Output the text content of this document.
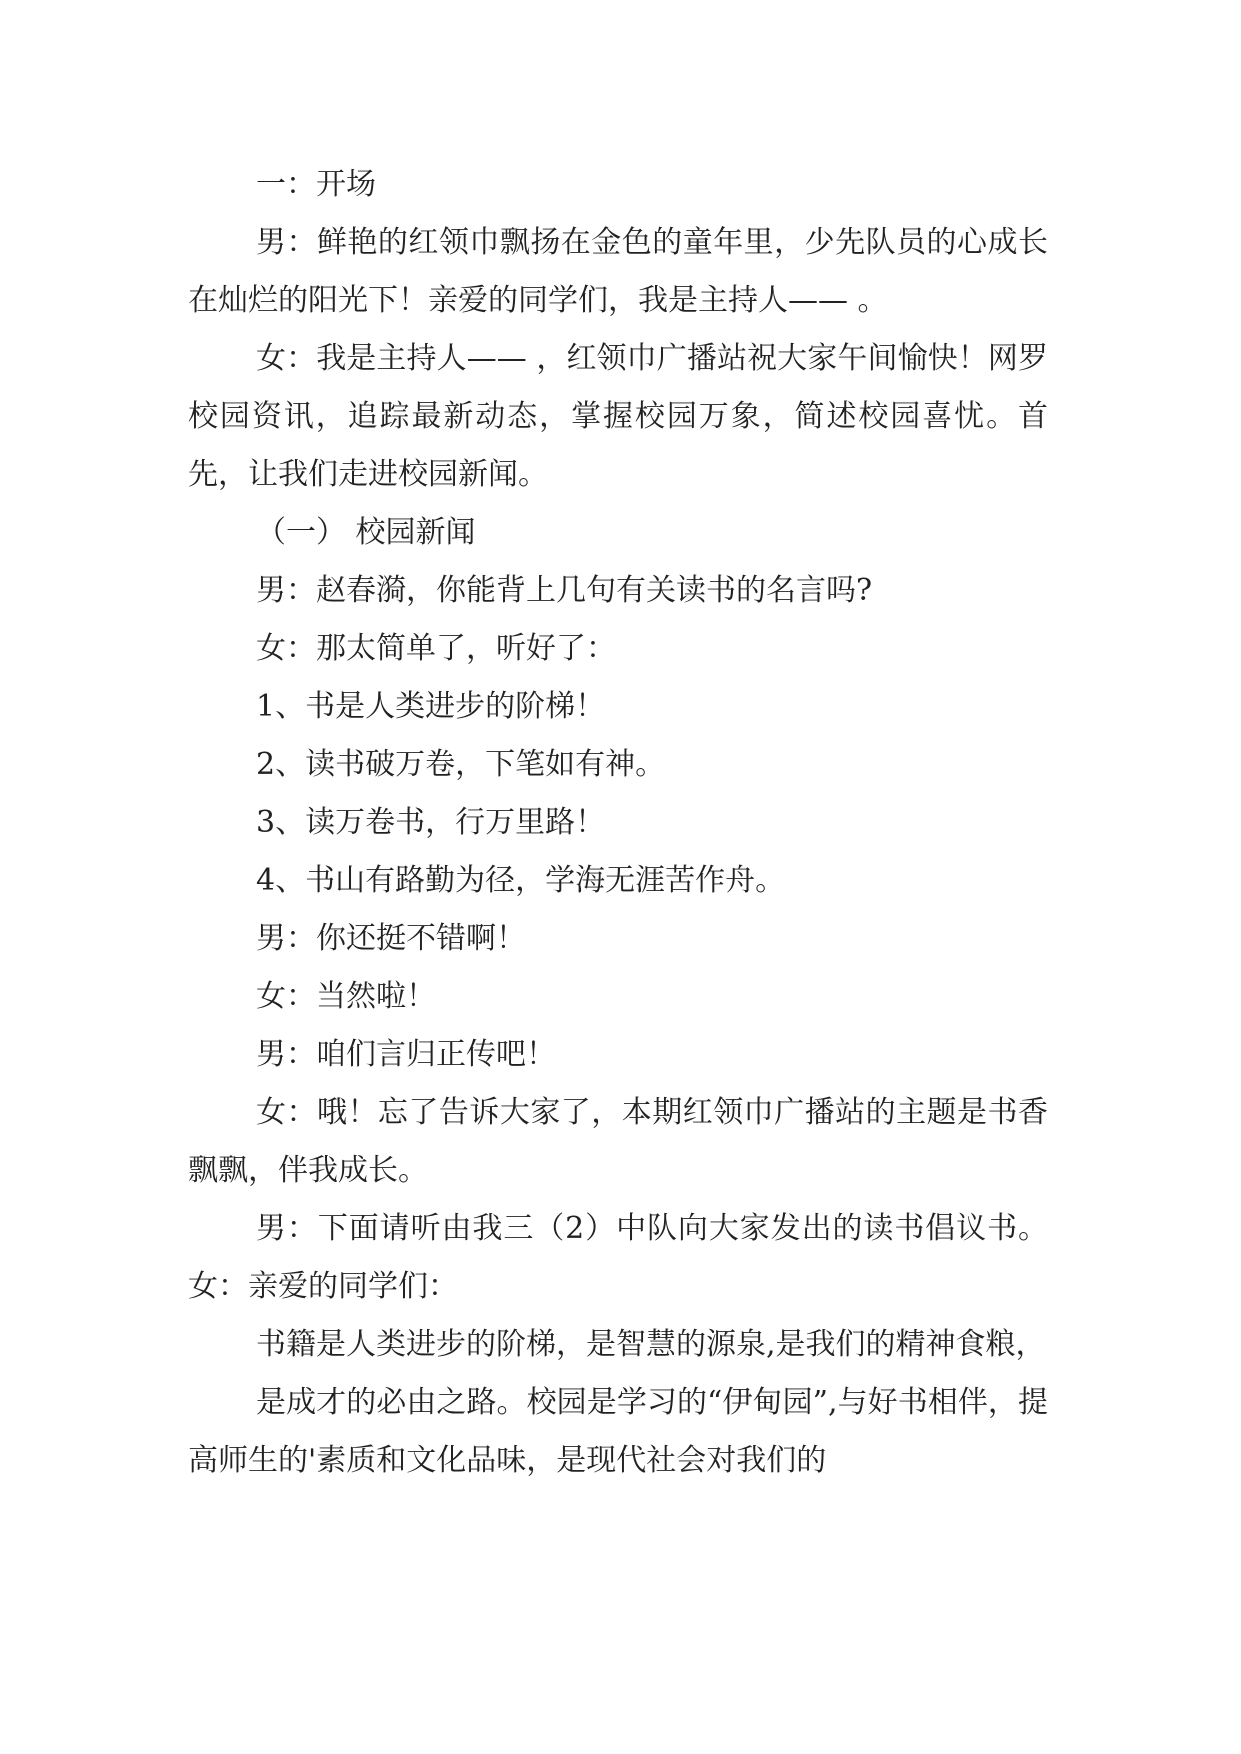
一：开场

男：鲜艳的红领巾飘扬在金色的童年里，少先队员的心成长在灿烂的阳光下！亲爱的同学们，我是主持人—— 。

女：我是主持人—— ，红领巾广播站祝大家午间愉快！网罗校园资讯，追踪最新动态，掌握校园万象，简述校园喜忧。首先，让我们走进校园新闻。

（一） 校园新闻

男：赵春漪，你能背上几句有关读书的名言吗?

女：那太简单了，听好了：

1、书是人类进步的阶梯！

2、读书破万卷，下笔如有神。

3、读万卷书，行万里路！

4、书山有路勤为径，学海无涯苦作舟。

男：你还挺不错啊！

女：当然啦！

男：咱们言归正传吧！

女：哦！忘了告诉大家了，本期红领巾广播站的主题是书香飘飘，伴我成长。

男：下面请听由我三（2）中队向大家发出的读书倡议书。 女：亲爱的同学们：

书籍是人类进步的阶梯，是智慧的源泉,是我们的精神食粮，

是成才的必由之路。校园是学习的“伊甸园”,与好书相伴，提高师生的'素质和文化品味，是现代社会对我们的
